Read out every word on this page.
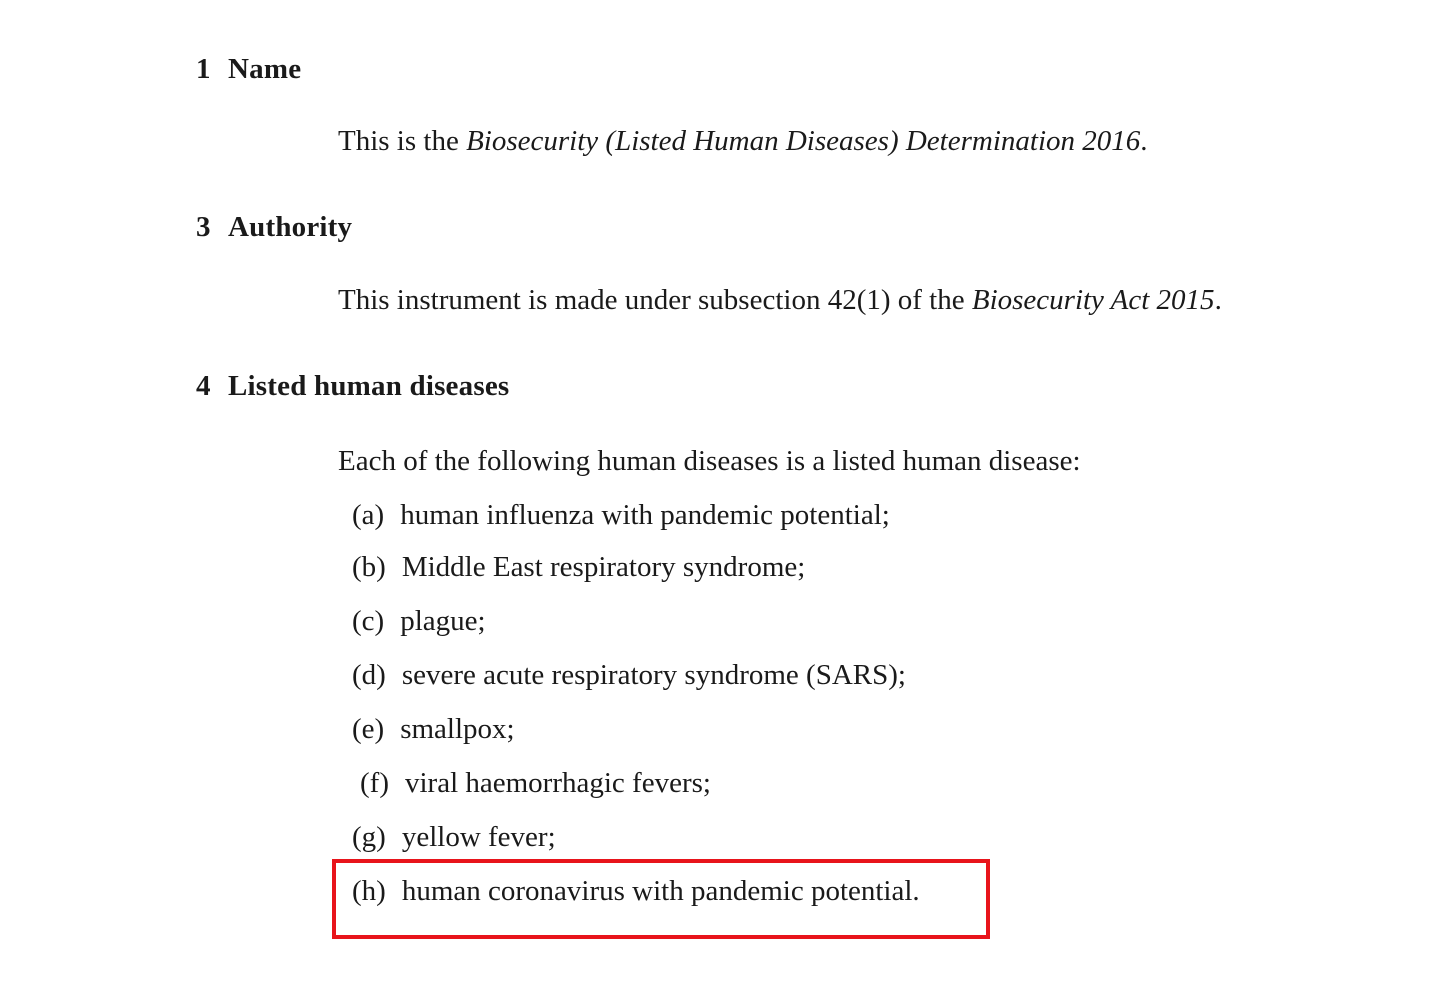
1 Name
This is the Biosecurity (Listed Human Diseases) Determination 2016.
3 Authority
This instrument is made under subsection 42(1) of the Biosecurity Act 2015.
4 Listed human diseases
Each of the following human diseases is a listed human disease:
(a) human influenza with pandemic potential;
(b) Middle East respiratory syndrome;
(c) plague;
(d) severe acute respiratory syndrome (SARS);
(e) smallpox;
(f) viral haemorrhagic fevers;
(g) yellow fever;
(h) human coronavirus with pandemic potential.
